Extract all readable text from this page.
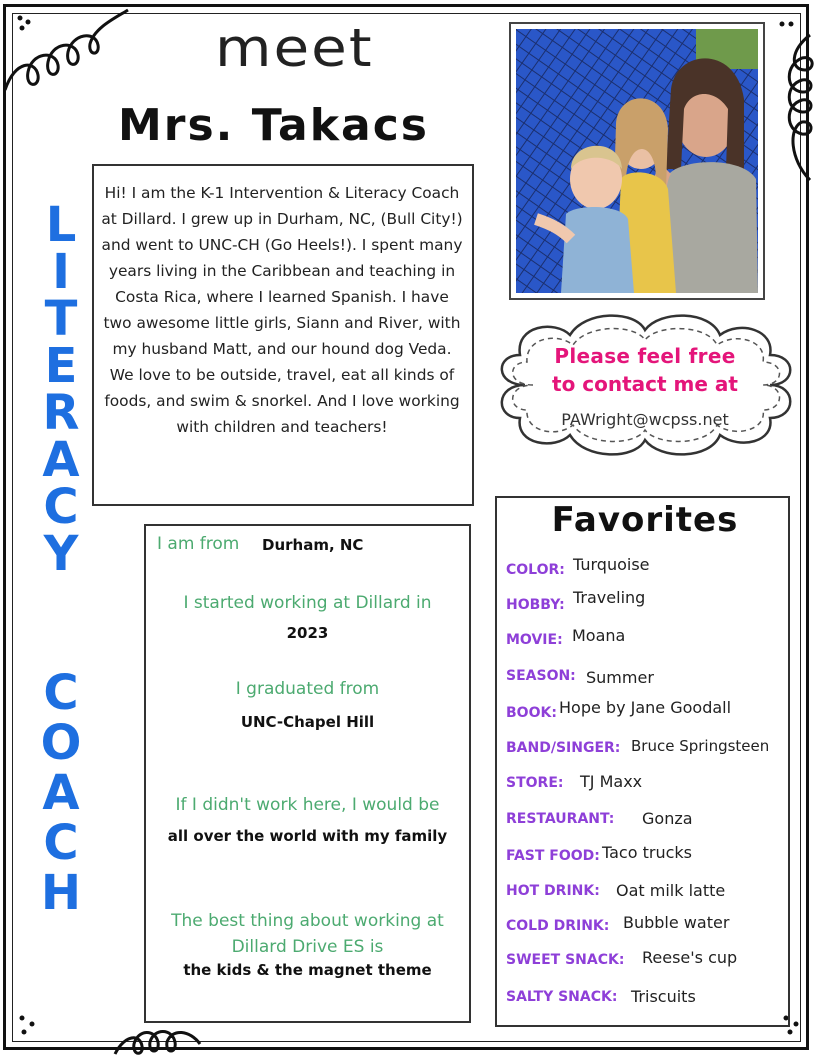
meet
Mrs. Takacs
Hi! I am the K-1 Intervention & Literacy Coach at Dillard. I grew up in Durham, NC, (Bull City!) and went to UNC-CH (Go Heels!). I spent many years living in the Caribbean and teaching in Costa Rica, where I learned Spanish. I have two awesome little girls, Siann and River, with my husband Matt, and our hound dog Veda. We love to be outside, travel, eat all kinds of foods, and swim & snorkel. And I love working with children and teachers!
L
I
T
E
R
A
C
Y
C
O
A
C
H
Please feel free
to contact me at
PAWright@wcpss.net
I am from Durham, NC
I started working at Dillard in
2023
I graduated from
UNC-Chapel Hill
If I didn't work here, I would be
all over the world with my family
The best thing about working at
Dillard Drive ES is
the kids & the magnet theme
Favorites
COLOR: Turquoise
HOBBY: Traveling
MOVIE: Moana
SEASON: Summer
BOOK: Hope by Jane Goodall
BAND/SINGER: Bruce Springsteen
STORE: TJ Maxx
RESTAURANT: Gonza
FAST FOOD: Taco trucks
HOT DRINK: Oat milk latte
COLD DRINK: Bubble water
SWEET SNACK: Reese's cup
SALTY SNACK: Triscuits
